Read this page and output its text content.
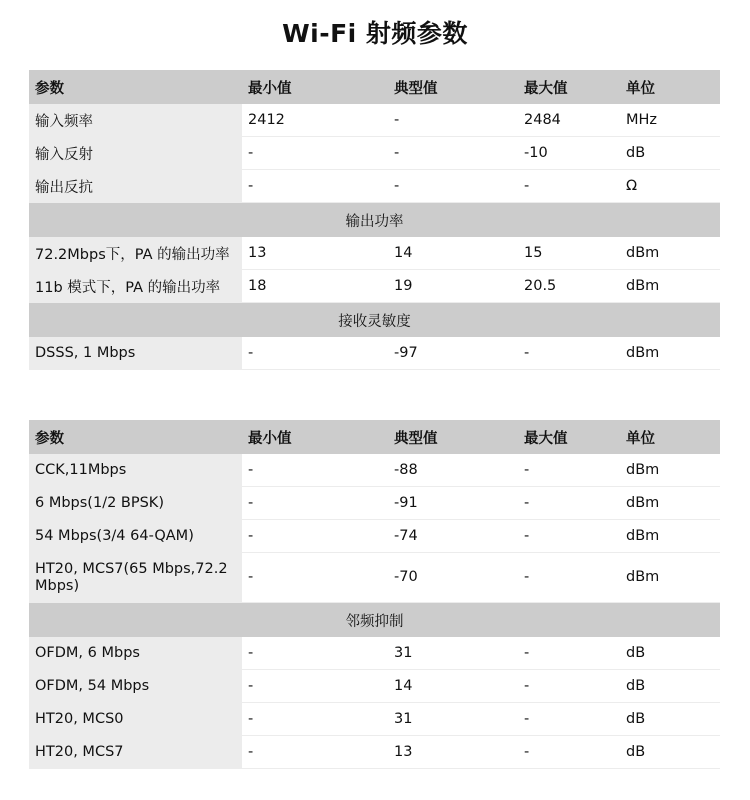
Wi-Fi 射频参数
参数	最小值	典型值	最大值	单位
输入频率	2412	-	2484	MHz
输入反射	-	-	-10	dB
输出反抗	-	-	-	Ω
输出功率				
72.2Mbps下，PA 的输出功率	13	14	15	dBm
11b 模式下，PA 的输出功率	18	19	20.5	dBm
接收灵敏度				
DSSS, 1 Mbps	-	-97	-	dBm
参数	最小值	典型值	最大值	单位
CCK,11Mbps	-	-88	-	dBm
6 Mbps(1/2 BPSK)	-	-91	-	dBm
54 Mbps(3/4 64-QAM)	-	-74	-	dBm
HT20, MCS7(65 Mbps,72.2 Mbps)	-	-70	-	dBm
邻频抑制				
OFDM, 6 Mbps	-	31	-	dB
OFDM, 54 Mbps	-	14	-	dB
HT20, MCS0	-	31	-	dB
HT20, MCS7	-	13	-	dB
